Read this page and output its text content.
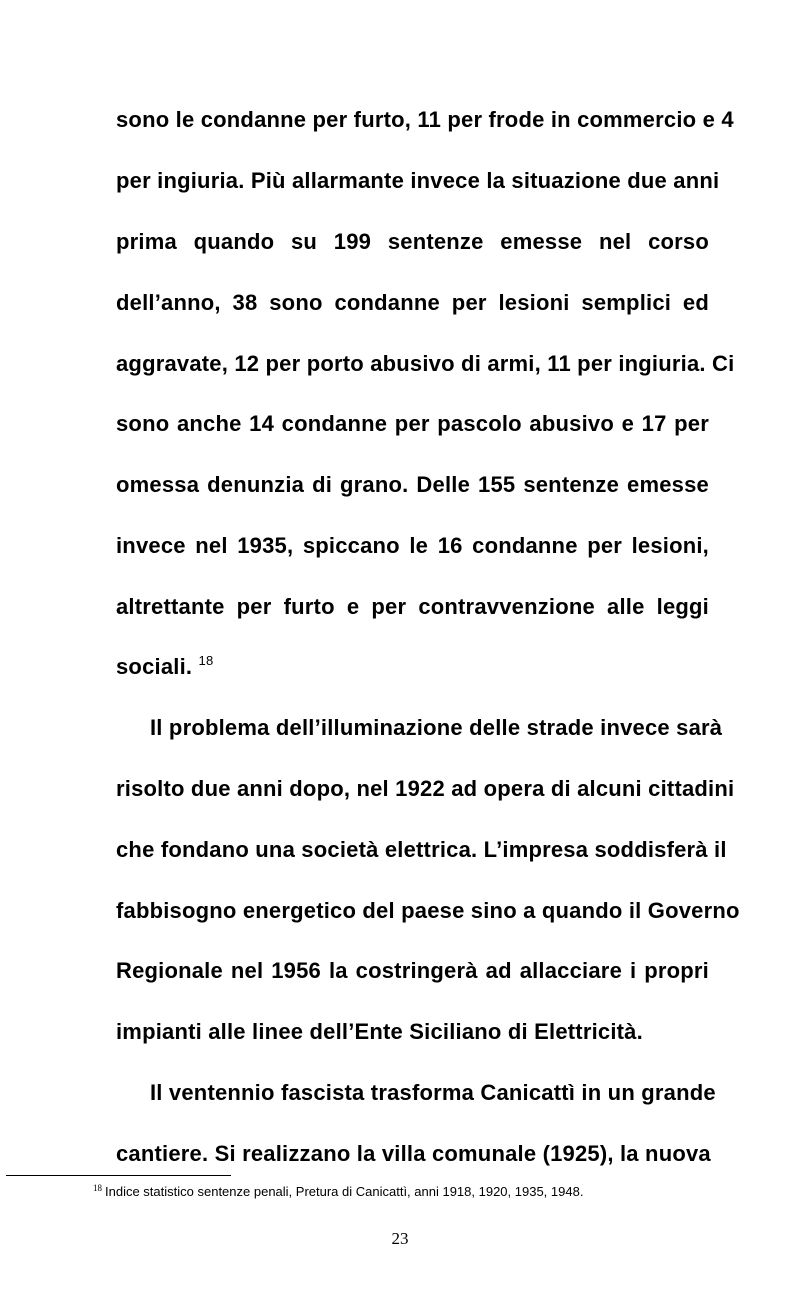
sono le condanne per furto, 11 per frode in commercio e 4
per ingiuria. Più allarmante invece la situazione due anni
prima quando su 199 sentenze emesse nel corso
dell’anno, 38 sono condanne per lesioni semplici ed
aggravate, 12 per porto abusivo di armi, 11 per ingiuria. Ci
sono anche 14 condanne per pascolo abusivo e 17 per
omessa denunzia di grano. Delle 155 sentenze emesse
invece nel 1935, spiccano le 16 condanne per lesioni,
altrettante per furto e per contravvenzione alle leggi
sociali. $^{18}$
Il problema dell’illuminazione delle strade invece sarà
risolto due anni dopo, nel 1922 ad opera di alcuni cittadini
che fondano una società elettrica. L’impresa soddisferà il
fabbisogno energetico del paese sino a quando il Governo
Regionale nel 1956 la costringerà ad allacciare i propri
impianti alle linee dell’Ente Siciliano di Elettricità.
Il ventennio fascista trasforma Canicattì in un grande
cantiere. Si realizzano la villa comunale (1925), la nuova
$^{18}$ Indice statistico sentenze penali, Pretura di Canicattì, anni 1918, 1920, 1935, 1948.
23
